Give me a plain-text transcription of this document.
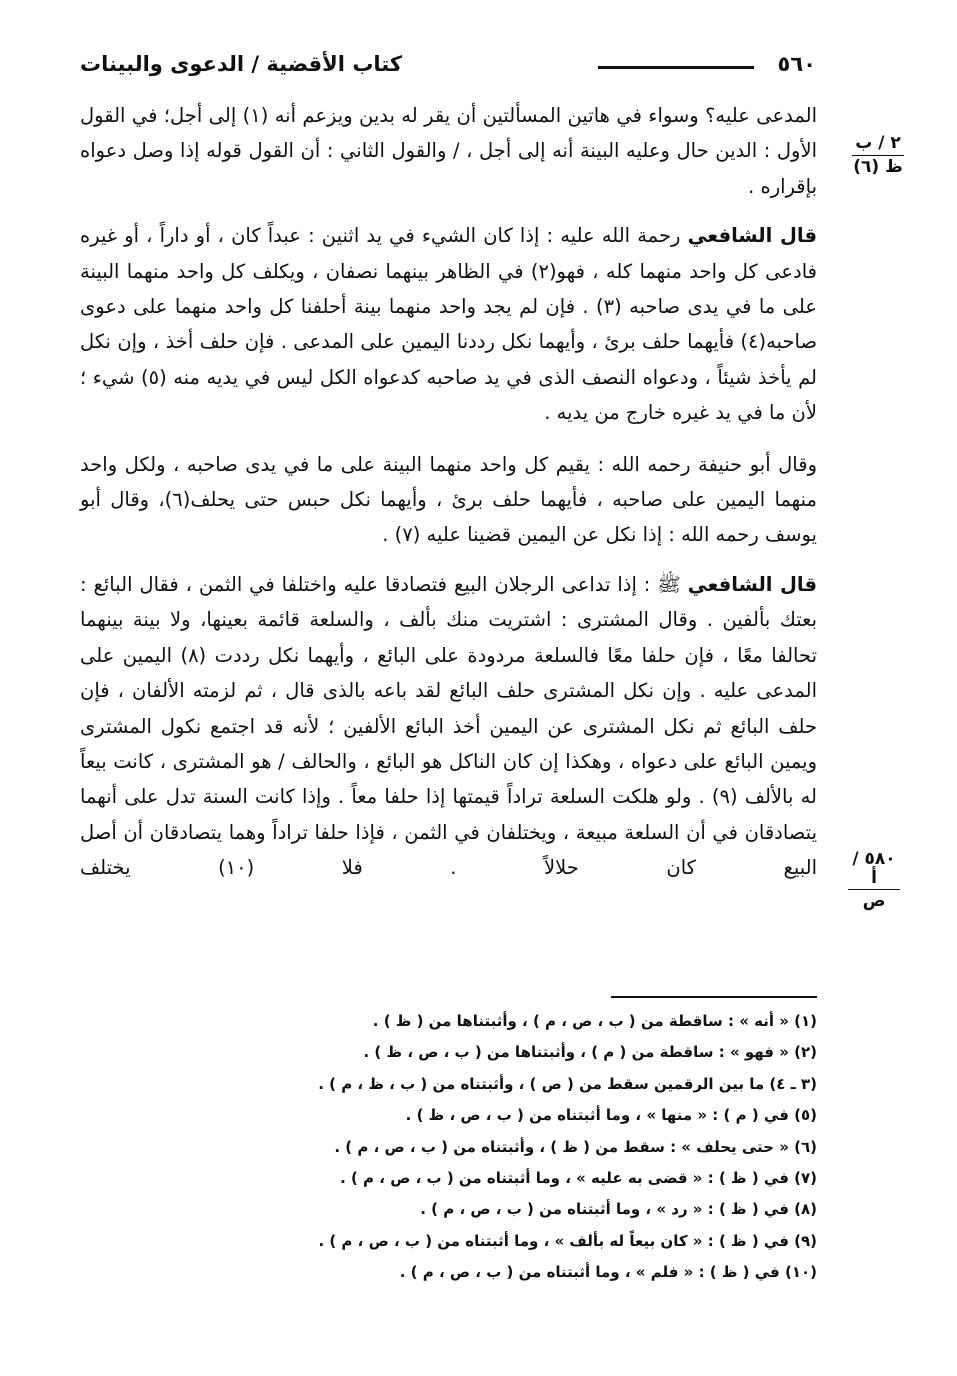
٥٦٠
كتاب الأقضية / الدعوى والبينات
٢ / ب
ظ (٦)
٥٨٠ / أ
ص

المدعى عليه؟ وسواء في هاتين المسألتين أن يقر له بدين ويزعم أنه (١) إلى أجل؛ في القول الأول : الدين حال وعليه البينة أنه إلى أجل ، / والقول الثاني : أن القول قوله إذا وصل دعواه بإقراره .

قال الشافعي رحمة الله عليه : إذا كان الشيء في يد اثنين : عبداً كان ، أو داراً ، أو غيره فادعى كل واحد منهما كله ، فهو(٢) في الظاهر بينهما نصفان ، ويكلف كل واحد منهما البينة على ما في يدى صاحبه (٣) . فإن لم يجد واحد منهما بينة أحلفنا كل واحد منهما على دعوى صاحبه(٤) فأيهما حلف برئ ، وأيهما نكل رددنا اليمين على المدعى . فإن حلف أخذ ، وإن نكل لم يأخذ شيئاً ، ودعواه النصف الذى في يد صاحبه كدعواه الكل ليس في يديه منه (٥) شيء ؛ لأن ما في يد غيره خارج من يديه .

وقال أبو حنيفة رحمه الله : يقيم كل واحد منهما البينة على ما في يدى صاحبه ، ولكل واحد منهما اليمين على صاحبه ، فأيهما حلف برئ ، وأيهما نكل حبس حتى يحلف(٦)، وقال أبو يوسف رحمه الله : إذا نكل عن اليمين قضينا عليه (٧) .

قال الشافعي ﷺ : إذا تداعى الرجلان البيع فتصادقا عليه واختلفا في الثمن ، فقال البائع : بعتك بألفين . وقال المشترى : اشتريت منك بألف ، والسلعة قائمة بعينها، ولا بينة بينهما تحالفا معًا ، فإن حلفا معًا فالسلعة مردودة على البائع ، وأيهما نكل رددت (٨) اليمين على المدعى عليه . وإن نكل المشترى حلف البائع لقد باعه بالذى قال ، ثم لزمته الألفان ، فإن حلف البائع ثم نكل المشترى عن اليمين أخذ البائع الألفين ؛ لأنه قد اجتمع نكول المشترى ويمين البائع على دعواه ، وهكذا إن كان الناكل هو البائع ، والحالف / هو المشترى ، كانت بيعاً له بالألف (٩) . ولو هلكت السلعة تراداً قيمتها إذا حلفا معاً . وإذا كانت السنة تدل على أنهما يتصادقان في أن السلعة مبيعة ، ويختلفان في الثمن ، فإذا حلفا تراداً وهما يتصادقان أن أصل البيع كان حلالاً . فلا (١٠) يختلف

(١) « أنه » : ساقطة من ( ب ، ص ، م ) ، وأثبتناها من ( ظ ) .
(٢) « فهو » : ساقطة من ( م ) ، وأثبتناها من ( ب ، ص ، ظ ) .
(٣ ـ ٤) ما بين الرقمين سقط من ( ص ) ، وأثبتناه من ( ب ، ظ ، م ) .
(٥) في ( م ) : « منها » ، وما أثبتناه من ( ب ، ص ، ظ ) .
(٦) « حتى يحلف » : سقط من ( ظ ) ، وأثبتناه من ( ب ، ص ، م ) .
(٧) في ( ظ ) : « قضى به عليه » ، وما أثبتناه من ( ب ، ص ، م ) .
(٨) في ( ظ ) : « رد » ، وما أثبتناه من ( ب ، ص ، م ) .
(٩) في ( ظ ) : « كان بيعاً له بألف » ، وما أثبتناه من ( ب ، ص ، م ) .
(١٠) في ( ظ ) : « فلم » ، وما أثبتناه من ( ب ، ص ، م ) .
